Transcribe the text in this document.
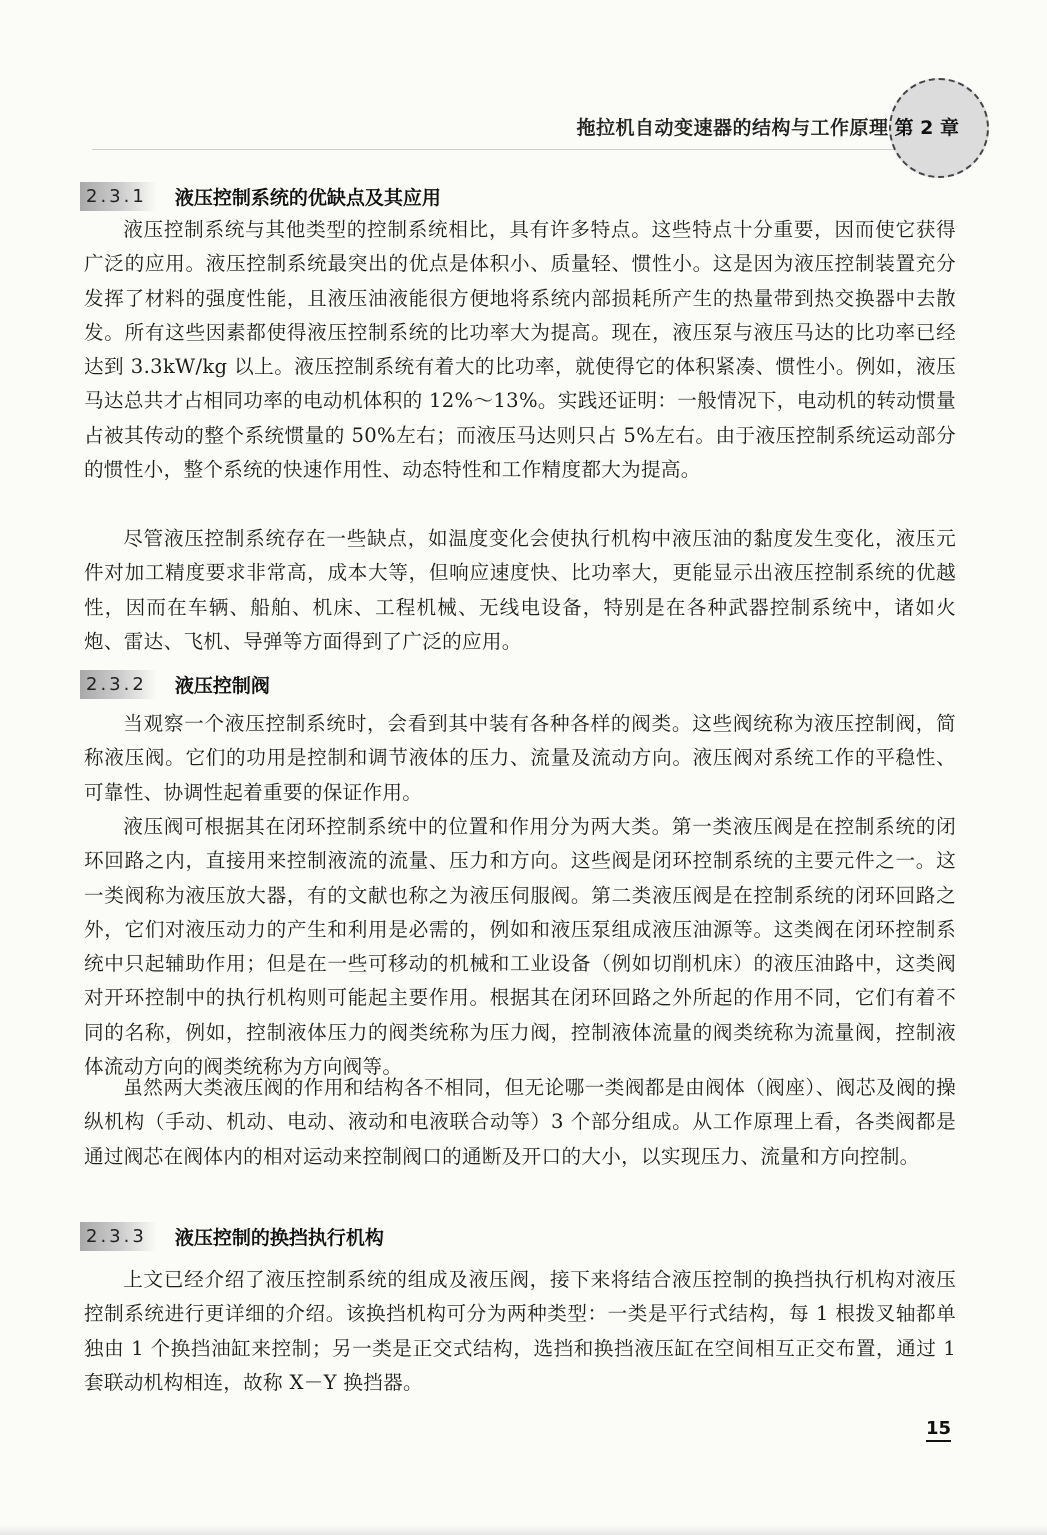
拖拉机自动变速器的结构与工作原理 第 2 章
2.3.1	液压控制系统的优缺点及其应用

液压控制系统与其他类型的控制系统相比，具有许多特点。这些特点十分重要，因而使它获得广泛的应用。液压控制系统最突出的优点是体积小、质量轻、惯性小。这是因为液压控制装置充分发挥了材料的强度性能，且液压油液能很方便地将系统内部损耗所产生的热量带到热交换器中去散发。所有这些因素都使得液压控制系统的比功率大为提高。现在，液压泵与液压马达的比功率已经达到 3.3kW/kg 以上。液压控制系统有着大的比功率，就使得它的体积紧凑、惯性小。例如，液压马达总共才占相同功率的电动机体积的 12%～13%。实践还证明：一般情况下，电动机的转动惯量占被其传动的整个系统惯量的 50%左右；而液压马达则只占 5%左右。由于液压控制系统运动部分的惯性小，整个系统的快速作用性、动态特性和工作精度都大为提高。

尽管液压控制系统存在一些缺点，如温度变化会使执行机构中液压油的黏度发生变化，液压元件对加工精度要求非常高，成本大等，但响应速度快、比功率大，更能显示出液压控制系统的优越性，因而在车辆、船舶、机床、工程机械、无线电设备，特别是在各种武器控制系统中，诸如火炮、雷达、飞机、导弹等方面得到了广泛的应用。

2.3.2	液压控制阀

当观察一个液压控制系统时，会看到其中装有各种各样的阀类。这些阀统称为液压控制阀，简称液压阀。它们的功用是控制和调节液体的压力、流量及流动方向。液压阀对系统工作的平稳性、可靠性、协调性起着重要的保证作用。

液压阀可根据其在闭环控制系统中的位置和作用分为两大类。第一类液压阀是在控制系统的闭环回路之内，直接用来控制液流的流量、压力和方向。这些阀是闭环控制系统的主要元件之一。这一类阀称为液压放大器，有的文献也称之为液压伺服阀。第二类液压阀是在控制系统的闭环回路之外，它们对液压动力的产生和利用是必需的，例如和液压泵组成液压油源等。这类阀在闭环控制系统中只起辅助作用；但是在一些可移动的机械和工业设备（例如切削机床）的液压油路中，这类阀对开环控制中的执行机构则可能起主要作用。根据其在闭环回路之外所起的作用不同，它们有着不同的名称，例如，控制液体压力的阀类统称为压力阀，控制液体流量的阀类统称为流量阀，控制液体流动方向的阀类统称为方向阀等。

虽然两大类液压阀的作用和结构各不相同，但无论哪一类阀都是由阀体（阀座）、阀芯及阀的操纵机构（手动、机动、电动、液动和电液联合动等）3 个部分组成。从工作原理上看，各类阀都是通过阀芯在阀体内的相对运动来控制阀口的通断及开口的大小，以实现压力、流量和方向控制。

2.3.3	液压控制的换挡执行机构

上文已经介绍了液压控制系统的组成及液压阀，接下来将结合液压控制的换挡执行机构对液压控制系统进行更详细的介绍。该换挡机构可分为两种类型：一类是平行式结构，每 1 根拨叉轴都单独由 1 个换挡油缸来控制；另一类是正交式结构，选挡和换挡液压缸在空间相互正交布置，通过 1 套联动机构相连，故称 X－Y 换挡器。

15
